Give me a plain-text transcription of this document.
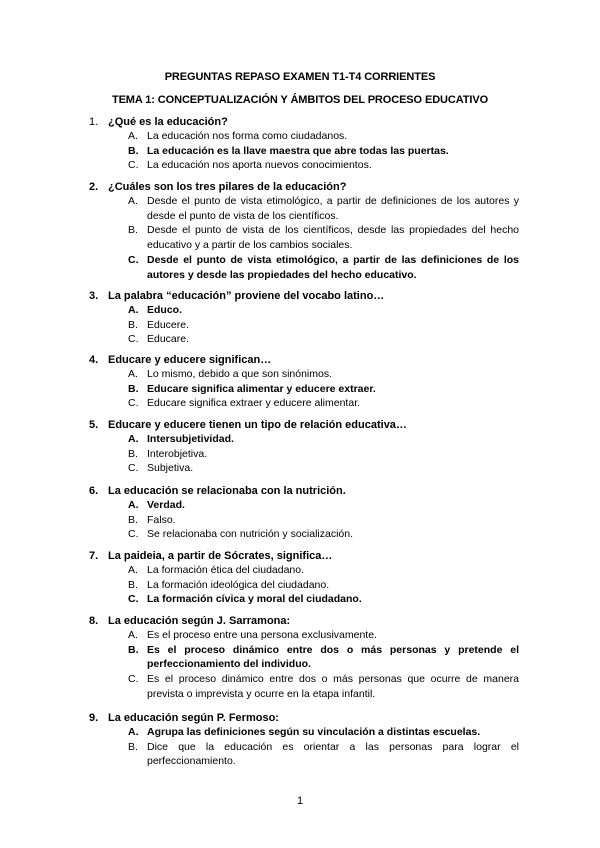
PREGUNTAS REPASO EXAMEN T1-T4 CORRIENTES
TEMA 1: CONCEPTUALIZACIÓN Y ÁMBITOS DEL PROCESO EDUCATIVO
1. ¿Qué es la educación?
A. La educación nos forma como ciudadanos.
B. La educación es la llave maestra que abre todas las puertas.
C. La educación nos aporta nuevos conocimientos.
2. ¿Cuáles son los tres pilares de la educación?
A. Desde el punto de vista etimológico, a partir de definiciones de los autores y desde el punto de vista de los científicos.
B. Desde el punto de vista de los científicos, desde las propiedades del hecho educativo y a partir de los cambios sociales.
C. Desde el punto de vista etimológico, a partir de las definiciones de los autores y desde las propiedades del hecho educativo.
3. La palabra “educación” proviene del vocabo latino…
A. Educo.
B. Educere.
C. Educare.
4. Educare y educere significan…
A. Lo mismo, debido a que son sinónimos.
B. Educare significa alimentar y educere extraer.
C. Educare significa extraer y educere alimentar.
5. Educare y educere tienen un tipo de relación educativa…
A. Intersubjetividad.
B. Interobjetiva.
C. Subjetiva.
6. La educación se relacionaba con la nutrición.
A. Verdad.
B. Falso.
C. Se relacionaba con nutrición y socialización.
7. La paideia, a partir de Sócrates, significa…
A. La formación ética del ciudadano.
B. La formación ideológica del ciudadano.
C. La formación cívica y moral del ciudadano.
8. La educación según J. Sarramona:
A. Es el proceso entre una persona exclusivamente.
B. Es el proceso dinámico entre dos o más personas y pretende el perfeccionamiento del individuo.
C. Es el proceso dinámico entre dos o más personas que ocurre de manera prevista o imprevista y ocurre en la etapa infantil.
9. La educación según P. Fermoso:
A. Agrupa las definiciones según su vinculación a distintas escuelas.
B. Dice que la educación es orientar a las personas para lograr el perfeccionamiento.
1
